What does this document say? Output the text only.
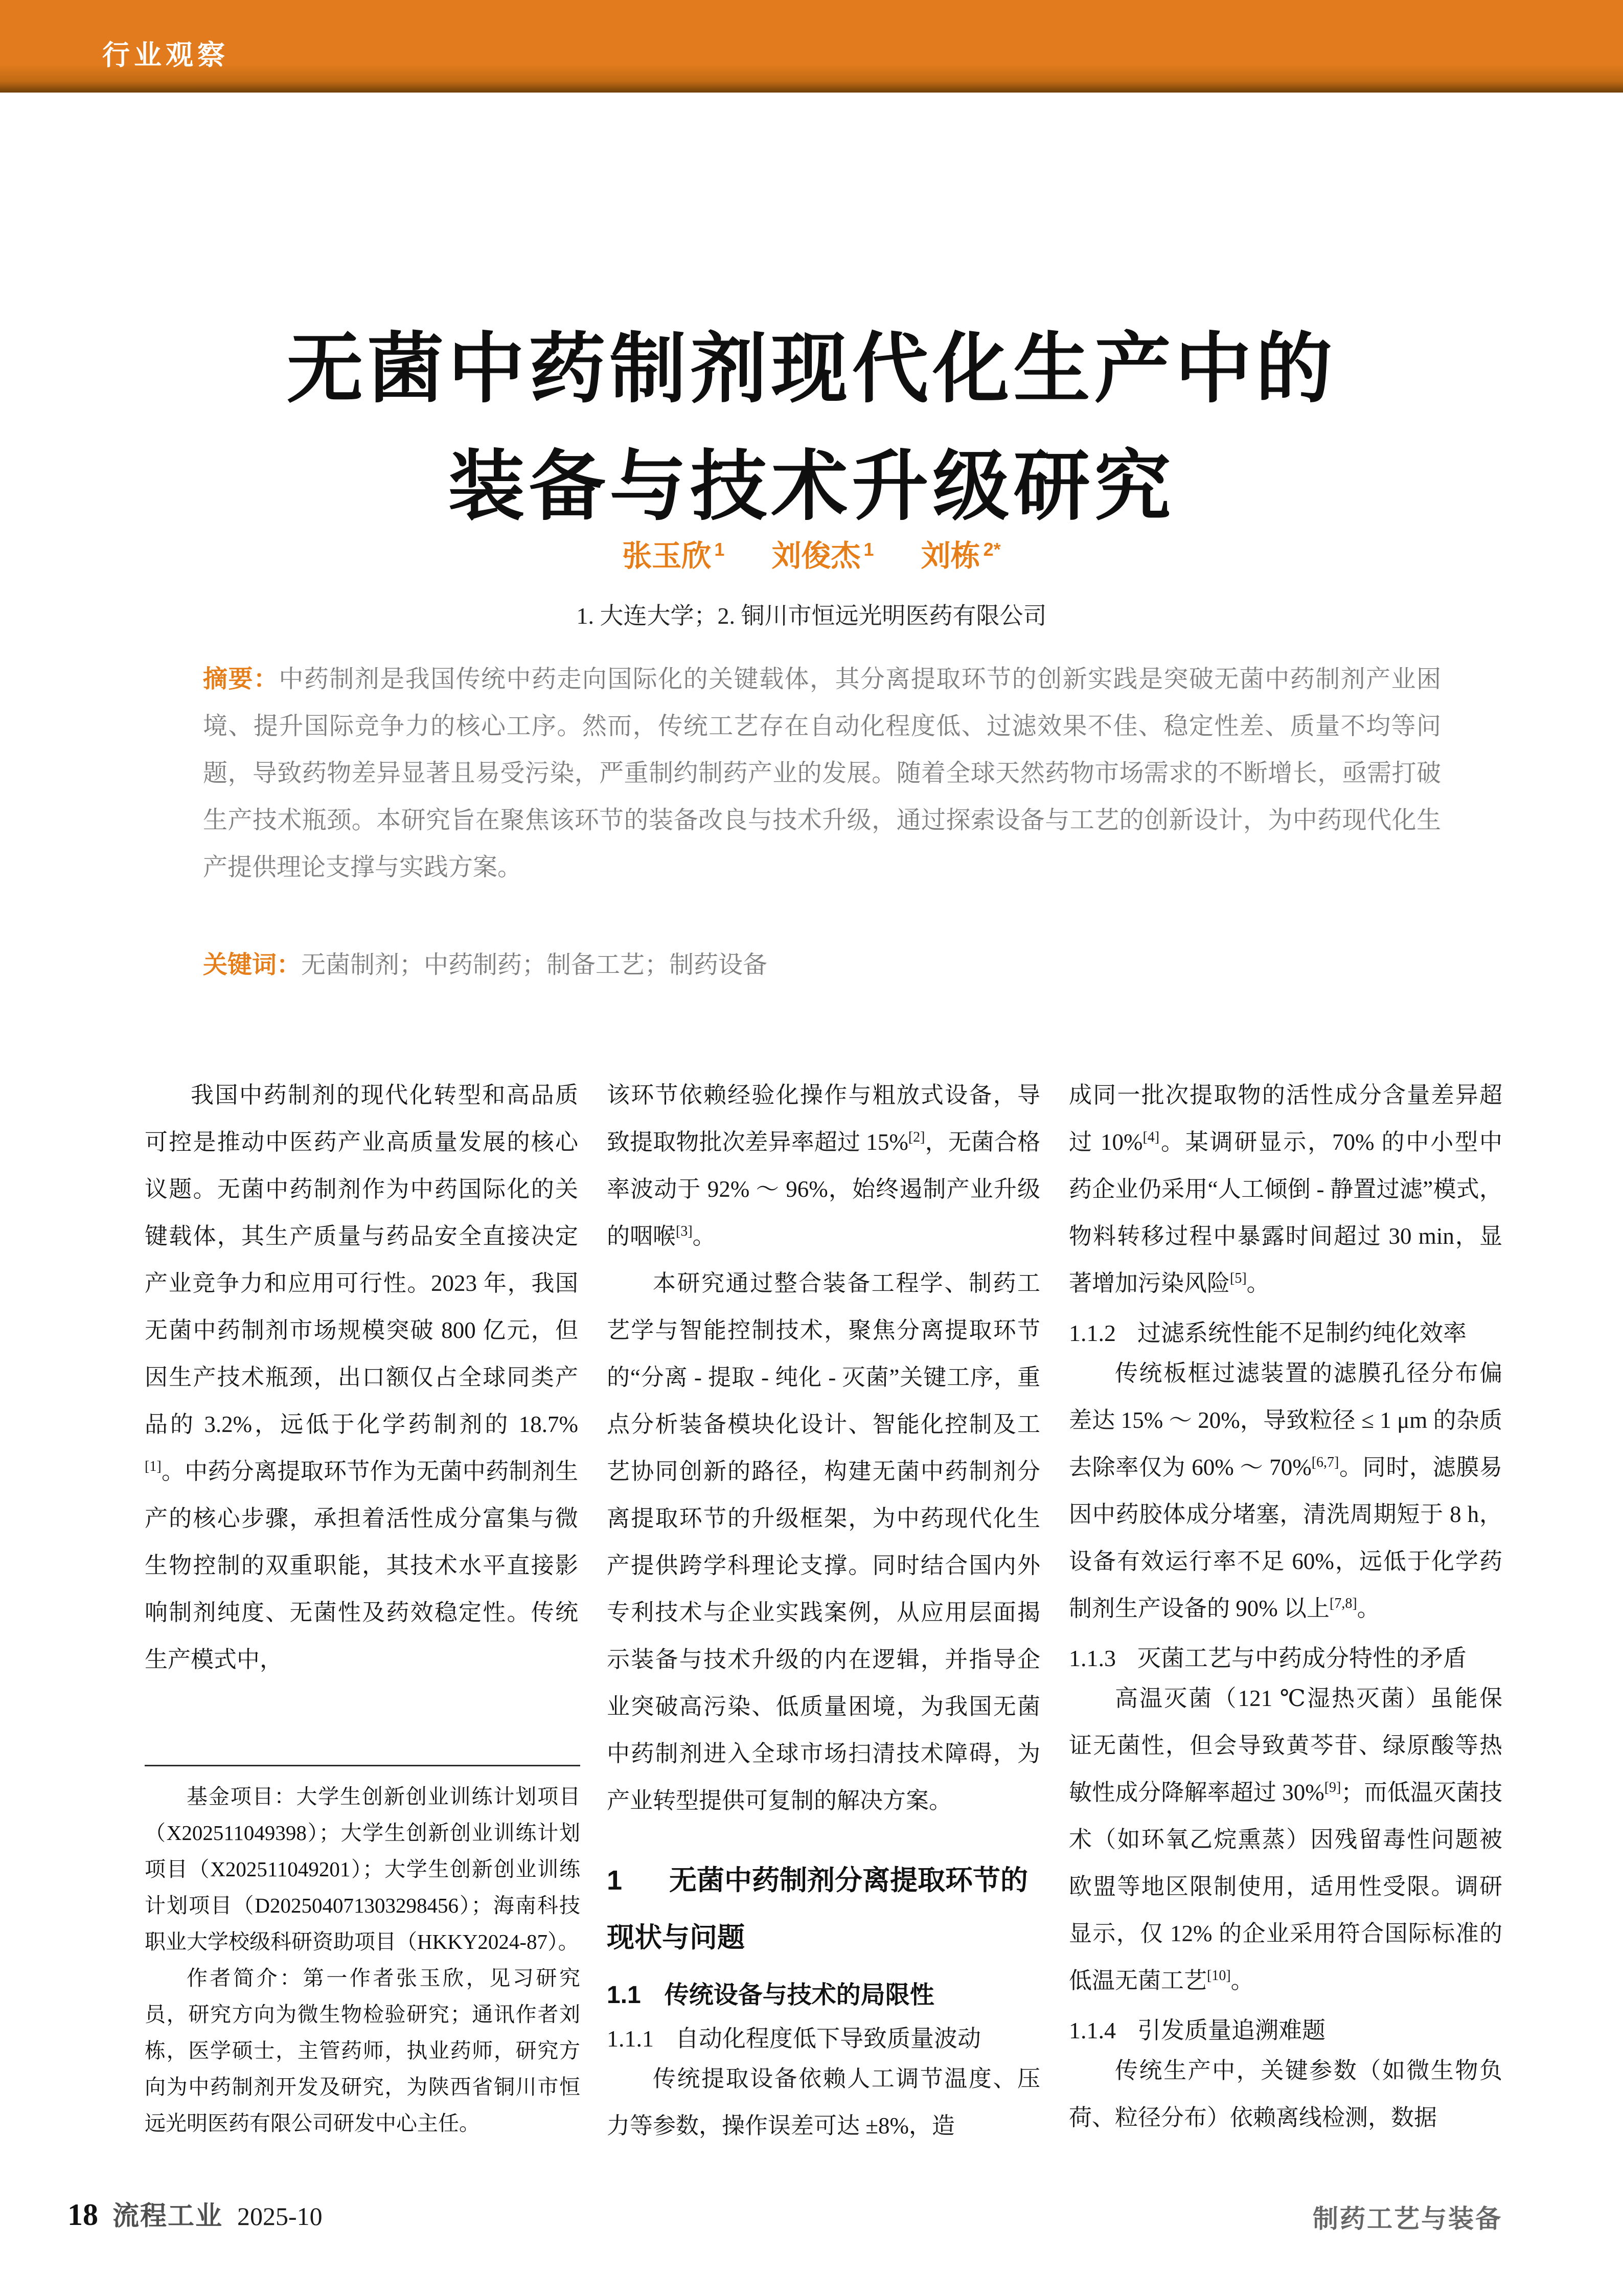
行业观察
无菌中药制剂现代化生产中的
装备与技术升级研究
张玉欣 $^1$ 刘俊杰 $^1$ 刘栋 $^{2*}$
1. 大连大学；2. 铜川市恒远光明医药有限公司

摘要：中药制剂是我国传统中药走向国际化的关键载体，其分离提取环节的创新实践是突破无菌中药制剂产业困境、提升国际竞争力的核心工序。然而，传统工艺存在自动化程度低、过滤效果不佳、稳定性差、质量不均等问题，导致药物差异显著且易受污染，严重制约制药产业的发展。随着全球天然药物市场需求的不断增长，亟需打破生产技术瓶颈。本研究旨在聚焦该环节的装备改良与技术升级，通过探索设备与工艺的创新设计，为中药现代化生产提供理论支撑与实践方案。

关键词：无菌制剂；中药制药；制备工艺；制药设备

我国中药制剂的现代化转型和高品质可控是推动中医药产业高质量发展的核心议题。无菌中药制剂作为中药国际化的关键载体，其生产质量与药品安全直接决定产业竞争力和应用可行性。2023 年，我国无菌中药制剂市场规模突破 800 亿元，但因生产技术瓶颈，出口额仅占全球同类产品的 3.2%，远低于化学药制剂的 18.7%[1]。中药分离提取环节作为无菌中药制剂生产的核心步骤，承担着活性成分富集与微生物控制的双重职能，其技术水平直接影响制剂纯度、无菌性及药效稳定性。传统生产模式中，

该环节依赖经验化操作与粗放式设备，导致提取物批次差异率超过 15%[2]，无菌合格率波动于 92% ～ 96%，始终遏制产业升级的咽喉[3]。

本研究通过整合装备工程学、制药工艺学与智能控制技术，聚焦分离提取环节的“分离 - 提取 - 纯化 - 灭菌”关键工序，重点分析装备模块化设计、智能化控制及工艺协同创新的路径，构建无菌中药制剂分离提取环节的升级框架，为中药现代化生产提供跨学科理论支撑。同时结合国内外专利技术与企业实践案例，从应用层面揭示装备与技术升级的内在逻辑，并指导企业突破高污染、低质量困境，为我国无菌中药制剂进入全球市场扫清技术障碍，为产业转型提供可复制的解决方案。

1 无菌中药制剂分离提取环节的现状与问题
1.1 传统设备与技术的局限性
1.1.1 自动化程度低下导致质量波动

传统提取设备依赖人工调节温度、压力等参数，操作误差可达 ±8%，造

成同一批次提取物的活性成分含量差异超过 10%[4]。某调研显示，70% 的中小型中药企业仍采用“人工倾倒 - 静置过滤”模式，物料转移过程中暴露时间超过 30 min，显著增加污染风险[5]。

1.1.2 过滤系统性能不足制约纯化效率

传统板框过滤装置的滤膜孔径分布偏差达 15% ～ 20%，导致粒径 ≤ 1 μm 的杂质去除率仅为 60% ～ 70%[6,7]。同时，滤膜易因中药胶体成分堵塞，清洗周期短于 8 h，设备有效运行率不足 60%，远低于化学药制剂生产设备的 90% 以上[7,8]。

1.1.3 灭菌工艺与中药成分特性的矛盾

高温灭菌（121 ℃湿热灭菌）虽能保证无菌性，但会导致黄芩苷、绿原酸等热敏性成分降解率超过 30%[9]；而低温灭菌技术（如环氧乙烷熏蒸）因残留毒性问题被欧盟等地区限制使用，适用性受限。调研显示，仅 12% 的企业采用符合国际标准的低温无菌工艺[10]。

1.1.4 引发质量追溯难题

传统生产中，关键参数（如微生物负荷、粒径分布）依赖离线检测，数据

基金项目：大学生创新创业训练计划项目（X202511049398）；大学生创新创业训练计划项目（X202511049201）；大学生创新创业训练计划项目（D202504071303298456）；海南科技职业大学校级科研资助项目（HKKY2024-87）。

作者简介：第一作者张玉欣，见习研究员，研究方向为微生物检验研究；通讯作者刘栋，医学硕士，主管药师，执业药师，研究方向为中药制剂开发及研究，为陕西省铜川市恒远光明医药有限公司研发中心主任。

18 流程工业 2025-10	制药工艺与装备
